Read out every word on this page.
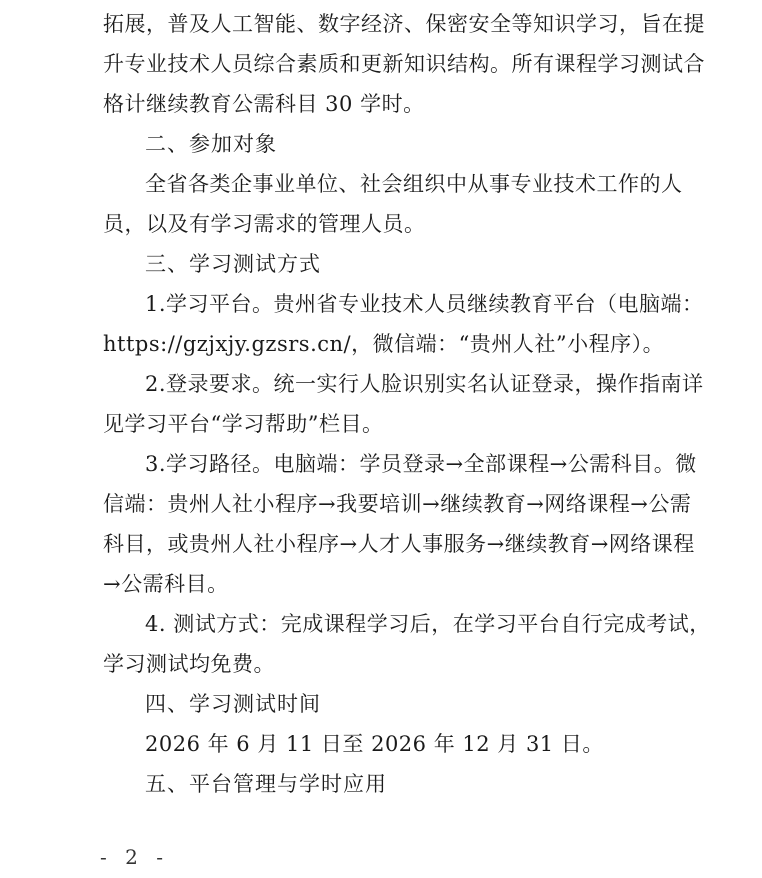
拓展，普及人工智能、数字经济、保密安全等知识学习，旨在提
升专业技术人员综合素质和更新知识结构。所有课程学习测试合
格计继续教育公需科目 30 学时。
二、参加对象
全省各类企事业单位、社会组织中从事专业技术工作的人
员，以及有学习需求的管理人员。
三、学习测试方式
1.学习平台。贵州省专业技术人员继续教育平台（电脑端：
https://gzjxjy.gzsrs.cn/，微信端：“贵州人社”小程序）。
2.登录要求。统一实行人脸识别实名认证登录，操作指南详
见学习平台“学习帮助”栏目。
3.学习路径。电脑端：学员登录→全部课程→公需科目。微
信端：贵州人社小程序→我要培训→继续教育→网络课程→公需
科目，或贵州人社小程序→人才人事服务→继续教育→网络课程
→公需科目。
4. 测试方式：完成课程学习后，在学习平台自行完成考试，
学习测试均免费。
四、学习测试时间
2026 年 6 月 11 日至 2026 年 12 月 31 日。
五、平台管理与学时应用
- 2 -
